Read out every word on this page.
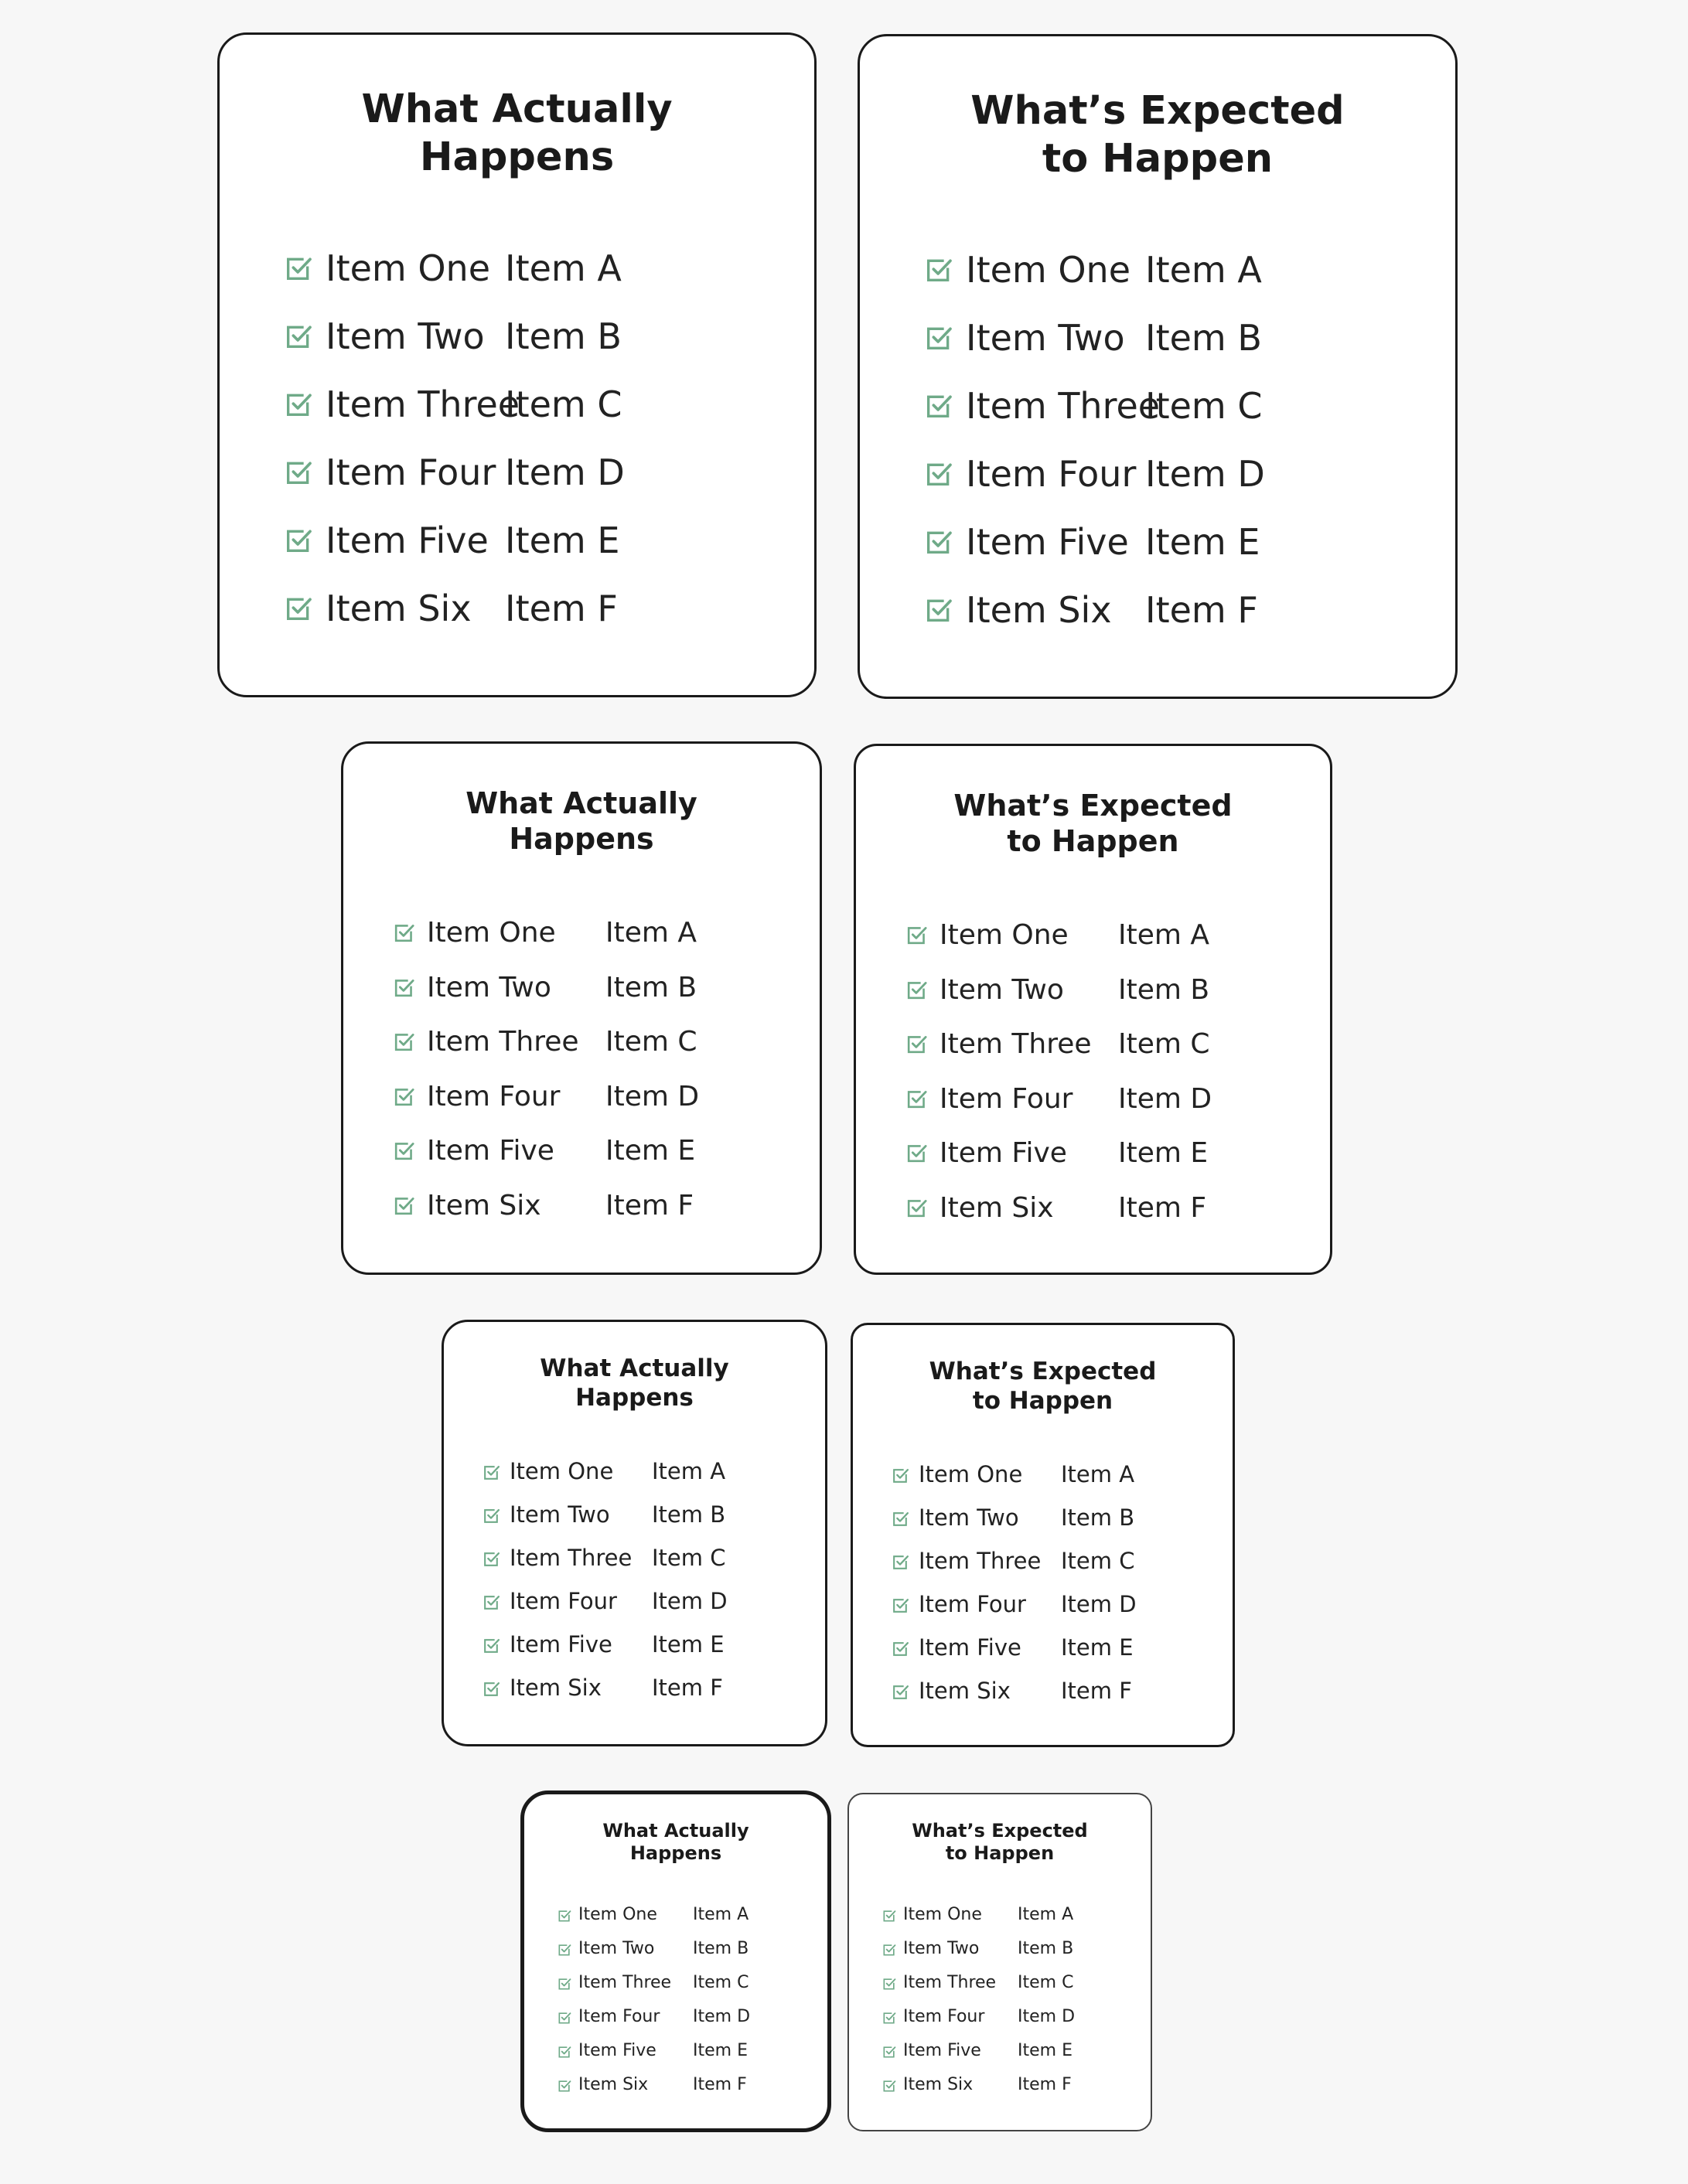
What Actually
Happens
Item One Item A
Item Two Item B
Item Three
Item C
Item Four Item D
Item Five Item E
Item Six Item F
What’s Expected
to Happen
Item One Item A
Item Two Item B
Item Three
Item C
Item Four Item D
Item Five Item E
Item Six Item F
What Actually
Happens
Item One Item A
Item Two Item B
Item Three Item C
Item Four Item D
Item Five Item E
Item Six Item F
What’s Expected
to Happen
Item One Item A
Item Two Item B
Item Three Item C
Item Four Item D
Item Five Item E
Item Six Item F
What Actually
Happens
Item One Item A
Item Two Item B
Item Three Item C
Item Four Item D
Item Five Item E
Item Six Item F
What’s Expected
to Happen
Item One Item A
Item Two Item B
Item Three Item C
Item Four Item D
Item Five Item E
Item Six Item F
What Actually
Happens
Item One Item A
Item Two Item B
Item Three Item C
Item Four Item D
Item Five Item E
Item Six	Item F
What’s Expected
to Happen
Item One Item A
Item Two Item B
Item Three Item C
Item Four Item D
Item Five Item E
Item Six	Item F
